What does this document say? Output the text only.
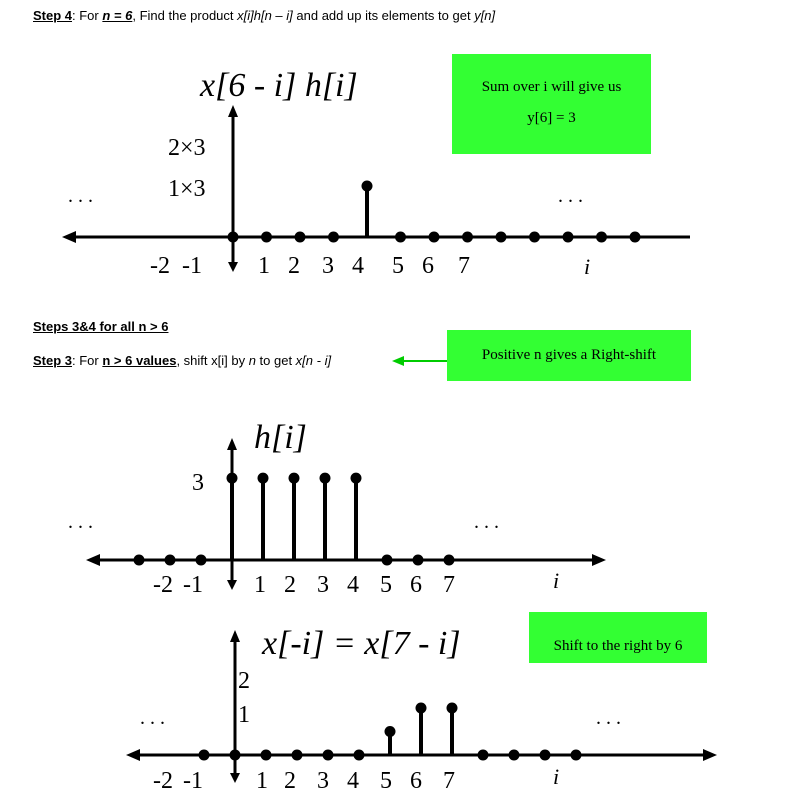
Step 4: For n = 6, Find the product x[i]h[n – i] and add up its elements to get y[n]
Sum over i will give us
y[6] = 3
Steps 3&4 for all n > 6
Step 3: For n > 6 values, shift x[i] by n to get x[n - i]	Positive n gives a Right-shift
Shift to the right by 6
x[6 - i] h[i]
2×3
1×3
. . .	. . .
-2 -1 1 2 3 4 5 6 7	i
h[i]
3
. . .	. . .
-2 -1 1 2 3 4 5 6 7	i
x[-i] = x[7 - i]
2
1
. . .	. . .
-2 -1 1 2 3 4 5 6 7	i
